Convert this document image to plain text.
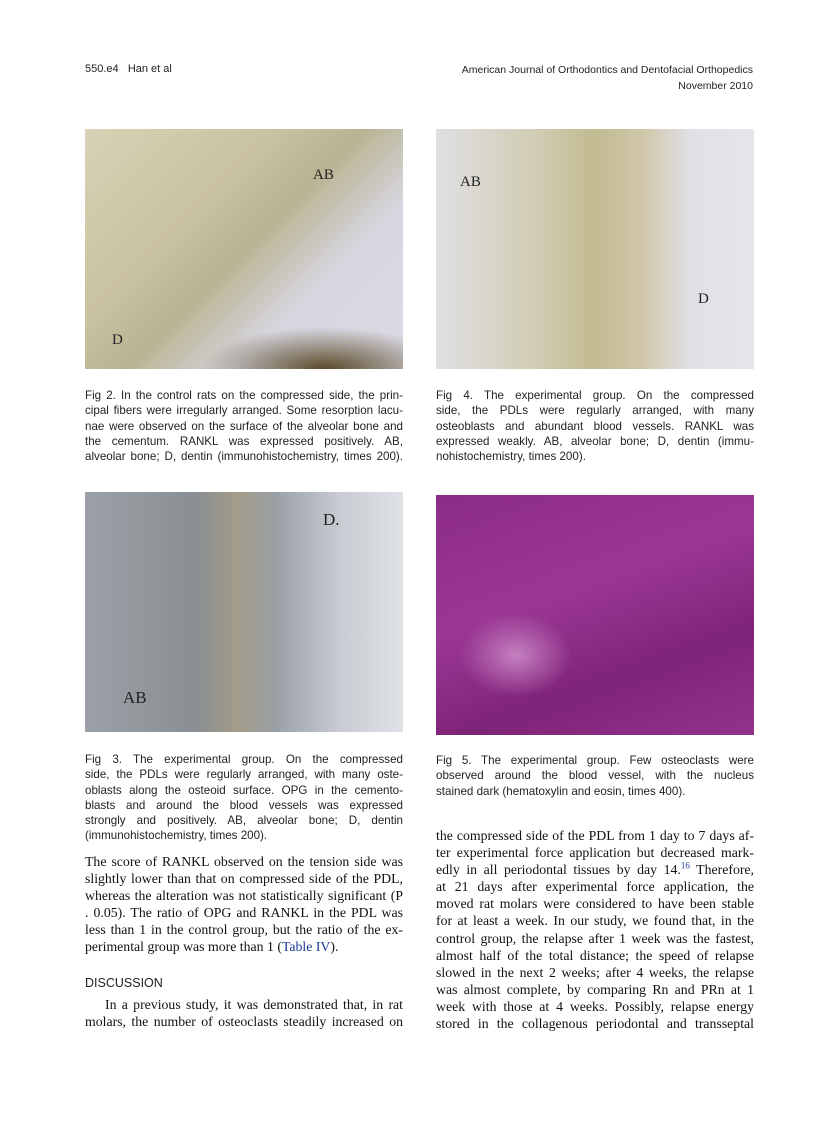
550.e4   Han et al	American Journal of Orthodontics and Dentofacial Orthopedics
November 2010
AB
D
AB
D
Fig 2. In the control rats on the compressed side, the prin-
cipal fibers were irregularly arranged. Some resorption lacu-
nae were observed on the surface of the alveolar bone and
the cementum. RANKL was expressed positively. AB,
alveolar bone; D, dentin (immunohistochemistry, times 200).
Fig 4. The experimental group. On the compressed
side, the PDLs were regularly arranged, with many
osteoblasts and abundant blood vessels. RANKL was
expressed weakly. AB, alveolar bone; D, dentin (immu-
nohistochemistry, times 200).
D.
AB
Fig 3. The experimental group. On the compressed
side, the PDLs were regularly arranged, with many oste-
oblasts along the osteoid surface. OPG in the cemento-
blasts and around the blood vessels was expressed
strongly and positively. AB, alveolar bone; D, dentin
(immunohistochemistry, times 200).
Fig 5. The experimental group. Few osteoclasts were
observed around the blood vessel, with the nucleus
stained dark (hematoxylin and eosin, times 400).
The score of RANKL observed on the tension side was
slightly lower than that on compressed side of the PDL,
whereas the alteration was not statistically significant (P
. 0.05). The ratio of OPG and RANKL in the PDL was
less than 1 in the control group, but the ratio of the ex-
perimental group was more than 1 (Table IV).
DISCUSSION
In a previous study, it was demonstrated that, in rat
molars, the number of osteoclasts steadily increased on
the compressed side of the PDL from 1 day to 7 days af-
ter experimental force application but decreased mark-
edly in all periodontal tissues by day 14.16 Therefore,
at 21 days after experimental force application, the
moved rat molars were considered to have been stable
for at least a week. In our study, we found that, in the
control group, the relapse after 1 week was the fastest,
almost half of the total distance; the speed of relapse
slowed in the next 2 weeks; after 4 weeks, the relapse
was almost complete, by comparing Rn and PRn at 1
week with those at 4 weeks. Possibly, relapse energy
stored in the collagenous periodontal and transseptal
